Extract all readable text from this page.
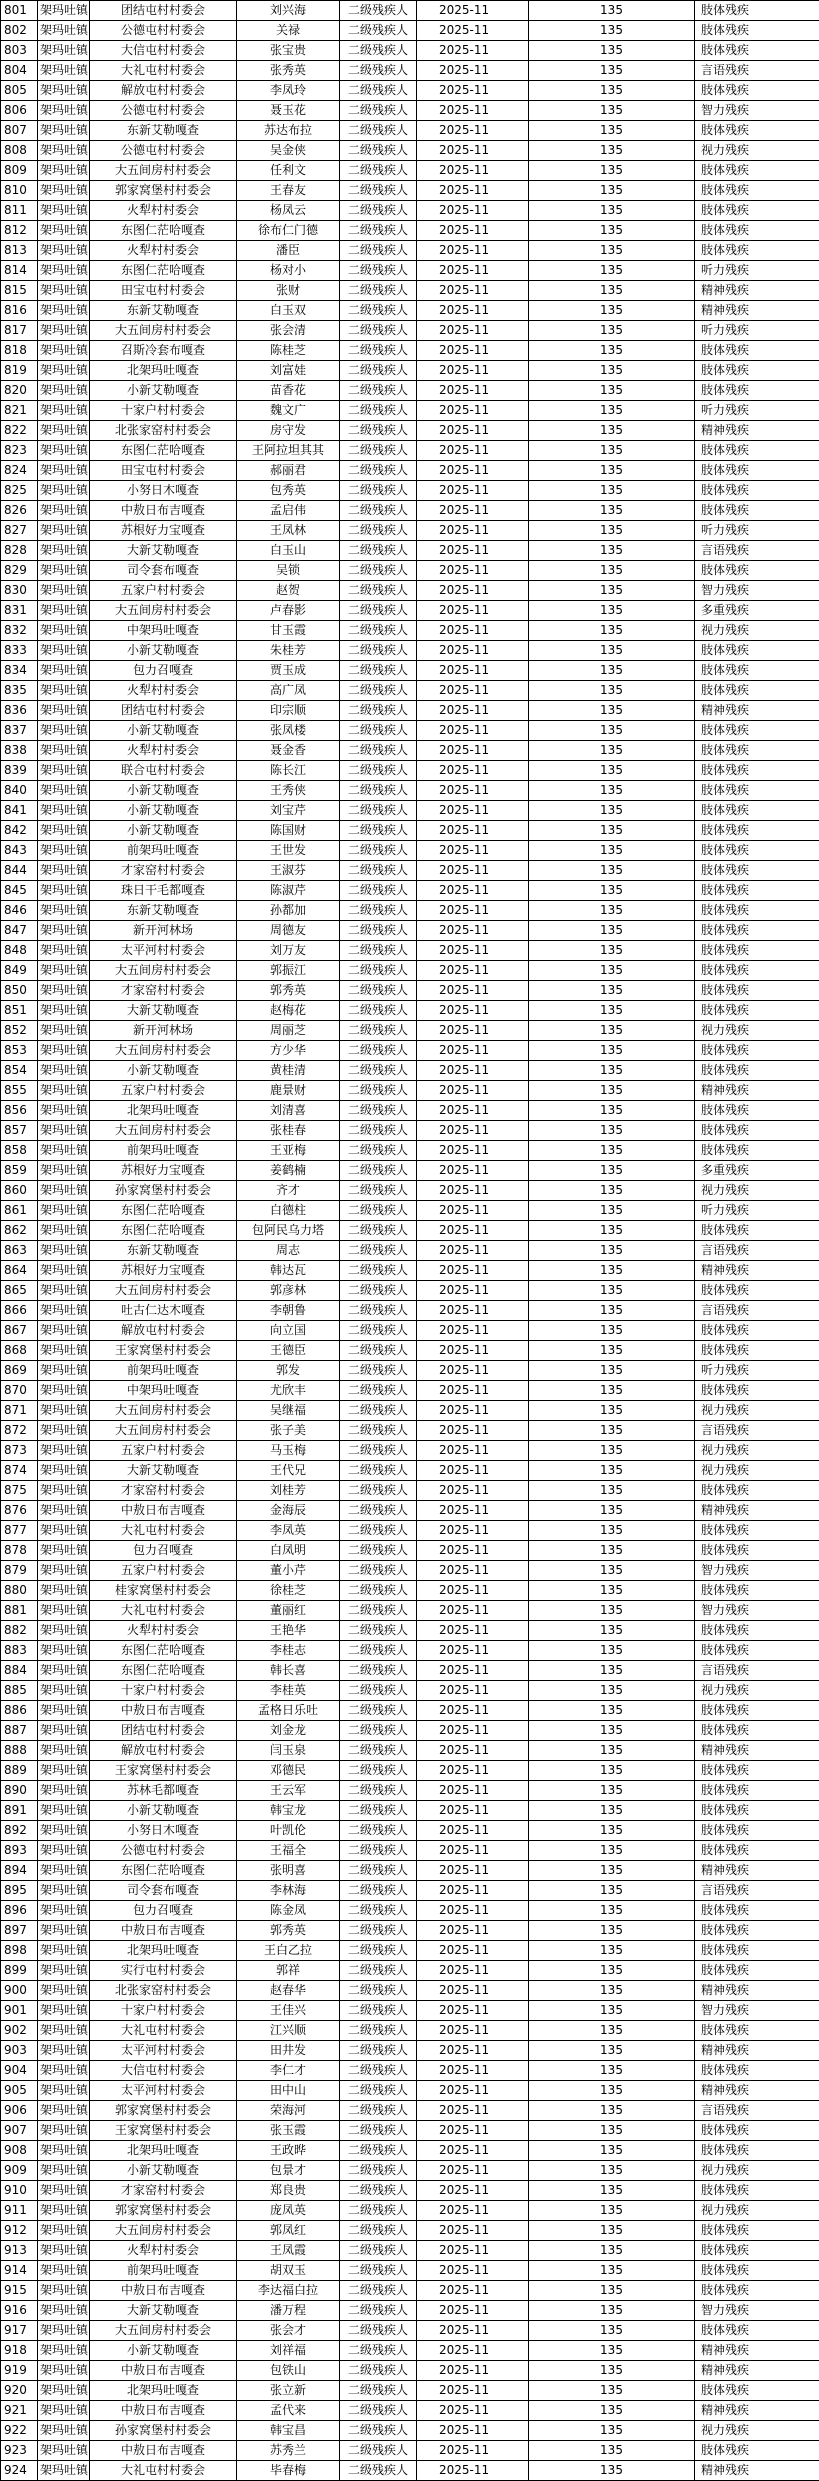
801	架玛吐镇	团结屯村村委会	刘兴海	二级残疾人	2025-11	135	肢体残疾
802	架玛吐镇	公德屯村村委会	关禄	二级残疾人	2025-11	135	肢体残疾
803	架玛吐镇	大信屯村村委会	张宝贵	二级残疾人	2025-11	135	肢体残疾
804	架玛吐镇	大礼屯村村委会	张秀英	二级残疾人	2025-11	135	言语残疾
805	架玛吐镇	解放屯村村委会	李凤玲	二级残疾人	2025-11	135	肢体残疾
806	架玛吐镇	公德屯村村委会	聂玉花	二级残疾人	2025-11	135	智力残疾
807	架玛吐镇	东新艾勒嘎查	苏达布拉	二级残疾人	2025-11	135	肢体残疾
808	架玛吐镇	公德屯村村委会	吴金侠	二级残疾人	2025-11	135	视力残疾
809	架玛吐镇	大五间房村村委会	任利文	二级残疾人	2025-11	135	肢体残疾
810	架玛吐镇	郭家窝堡村村委会	王春友	二级残疾人	2025-11	135	肢体残疾
811	架玛吐镇	火犁村村委会	杨凤云	二级残疾人	2025-11	135	肢体残疾
812	架玛吐镇	东图仁茫哈嘎查	徐布仁门德	二级残疾人	2025-11	135	肢体残疾
813	架玛吐镇	火犁村村委会	潘臣	二级残疾人	2025-11	135	肢体残疾
814	架玛吐镇	东图仁茫哈嘎查	杨对小	二级残疾人	2025-11	135	听力残疾
815	架玛吐镇	田宝屯村村委会	张财	二级残疾人	2025-11	135	精神残疾
816	架玛吐镇	东新艾勒嘎查	白玉双	二级残疾人	2025-11	135	精神残疾
817	架玛吐镇	大五间房村村委会	张会清	二级残疾人	2025-11	135	听力残疾
818	架玛吐镇	召斯冷套布嘎查	陈桂芝	二级残疾人	2025-11	135	肢体残疾
819	架玛吐镇	北架玛吐嘎查	刘富娃	二级残疾人	2025-11	135	肢体残疾
820	架玛吐镇	小新艾勒嘎查	苗香花	二级残疾人	2025-11	135	肢体残疾
821	架玛吐镇	十家户村村委会	魏文广	二级残疾人	2025-11	135	听力残疾
822	架玛吐镇	北张家窑村村委会	房守发	二级残疾人	2025-11	135	精神残疾
823	架玛吐镇	东图仁茫哈嘎查	王阿拉坦其其	二级残疾人	2025-11	135	肢体残疾
824	架玛吐镇	田宝屯村村委会	郝丽君	二级残疾人	2025-11	135	肢体残疾
825	架玛吐镇	小努日木嘎查	包秀英	二级残疾人	2025-11	135	肢体残疾
826	架玛吐镇	中敖日布吉嘎查	孟启伟	二级残疾人	2025-11	135	肢体残疾
827	架玛吐镇	苏根好力宝嘎查	王凤林	二级残疾人	2025-11	135	听力残疾
828	架玛吐镇	大新艾勒嘎查	白玉山	二级残疾人	2025-11	135	言语残疾
829	架玛吐镇	司令套布嘎查	吴锁	二级残疾人	2025-11	135	肢体残疾
830	架玛吐镇	五家户村村委会	赵贺	二级残疾人	2025-11	135	智力残疾
831	架玛吐镇	大五间房村村委会	卢春影	二级残疾人	2025-11	135	多重残疾
832	架玛吐镇	中架玛吐嘎查	甘玉霞	二级残疾人	2025-11	135	视力残疾
833	架玛吐镇	小新艾勒嘎查	朱桂芳	二级残疾人	2025-11	135	肢体残疾
834	架玛吐镇	包力召嘎查	贾玉成	二级残疾人	2025-11	135	肢体残疾
835	架玛吐镇	火犁村村委会	高广凤	二级残疾人	2025-11	135	肢体残疾
836	架玛吐镇	团结屯村村委会	印宗顺	二级残疾人	2025-11	135	精神残疾
837	架玛吐镇	小新艾勒嘎查	张凤楼	二级残疾人	2025-11	135	肢体残疾
838	架玛吐镇	火犁村村委会	聂金香	二级残疾人	2025-11	135	肢体残疾
839	架玛吐镇	联合屯村村委会	陈长江	二级残疾人	2025-11	135	肢体残疾
840	架玛吐镇	小新艾勒嘎查	王秀侠	二级残疾人	2025-11	135	肢体残疾
841	架玛吐镇	小新艾勒嘎查	刘宝芹	二级残疾人	2025-11	135	肢体残疾
842	架玛吐镇	小新艾勒嘎查	陈国财	二级残疾人	2025-11	135	肢体残疾
843	架玛吐镇	前架玛吐嘎查	王世发	二级残疾人	2025-11	135	肢体残疾
844	架玛吐镇	才家窑村村委会	王淑芬	二级残疾人	2025-11	135	肢体残疾
845	架玛吐镇	珠日干毛都嘎查	陈淑芹	二级残疾人	2025-11	135	肢体残疾
846	架玛吐镇	东新艾勒嘎查	孙都加	二级残疾人	2025-11	135	肢体残疾
847	架玛吐镇	新开河林场	周德友	二级残疾人	2025-11	135	肢体残疾
848	架玛吐镇	太平河村村委会	刘万友	二级残疾人	2025-11	135	肢体残疾
849	架玛吐镇	大五间房村村委会	郭振江	二级残疾人	2025-11	135	肢体残疾
850	架玛吐镇	才家窑村村委会	郭秀英	二级残疾人	2025-11	135	肢体残疾
851	架玛吐镇	大新艾勒嘎查	赵梅花	二级残疾人	2025-11	135	肢体残疾
852	架玛吐镇	新开河林场	周丽芝	二级残疾人	2025-11	135	视力残疾
853	架玛吐镇	大五间房村村委会	方少华	二级残疾人	2025-11	135	肢体残疾
854	架玛吐镇	小新艾勒嘎查	黄桂清	二级残疾人	2025-11	135	肢体残疾
855	架玛吐镇	五家户村村委会	鹿景财	二级残疾人	2025-11	135	精神残疾
856	架玛吐镇	北架玛吐嘎查	刘清喜	二级残疾人	2025-11	135	肢体残疾
857	架玛吐镇	大五间房村村委会	张桂春	二级残疾人	2025-11	135	肢体残疾
858	架玛吐镇	前架玛吐嘎查	王亚梅	二级残疾人	2025-11	135	肢体残疾
859	架玛吐镇	苏根好力宝嘎查	姜鹤楠	二级残疾人	2025-11	135	多重残疾
860	架玛吐镇	孙家窝堡村村委会	齐才	二级残疾人	2025-11	135	视力残疾
861	架玛吐镇	东图仁茫哈嘎查	白德柱	二级残疾人	2025-11	135	听力残疾
862	架玛吐镇	东图仁茫哈嘎查	包阿民乌力塔	二级残疾人	2025-11	135	肢体残疾
863	架玛吐镇	东新艾勒嘎查	周志	二级残疾人	2025-11	135	言语残疾
864	架玛吐镇	苏根好力宝嘎查	韩达瓦	二级残疾人	2025-11	135	精神残疾
865	架玛吐镇	大五间房村村委会	郭彦林	二级残疾人	2025-11	135	肢体残疾
866	架玛吐镇	吐古仁达木嘎查	李朝鲁	二级残疾人	2025-11	135	言语残疾
867	架玛吐镇	解放屯村村委会	向立国	二级残疾人	2025-11	135	肢体残疾
868	架玛吐镇	王家窝堡村村委会	王德臣	二级残疾人	2025-11	135	肢体残疾
869	架玛吐镇	前架玛吐嘎查	郭发	二级残疾人	2025-11	135	听力残疾
870	架玛吐镇	中架玛吐嘎查	尤欣丰	二级残疾人	2025-11	135	肢体残疾
871	架玛吐镇	大五间房村村委会	吴继福	二级残疾人	2025-11	135	视力残疾
872	架玛吐镇	大五间房村村委会	张子美	二级残疾人	2025-11	135	言语残疾
873	架玛吐镇	五家户村村委会	马玉梅	二级残疾人	2025-11	135	视力残疾
874	架玛吐镇	大新艾勒嘎查	王代兄	二级残疾人	2025-11	135	视力残疾
875	架玛吐镇	才家窑村村委会	刘桂芳	二级残疾人	2025-11	135	肢体残疾
876	架玛吐镇	中敖日布吉嘎查	金海辰	二级残疾人	2025-11	135	精神残疾
877	架玛吐镇	大礼屯村村委会	李凤英	二级残疾人	2025-11	135	肢体残疾
878	架玛吐镇	包力召嘎查	白凤明	二级残疾人	2025-11	135	肢体残疾
879	架玛吐镇	五家户村村委会	董小芹	二级残疾人	2025-11	135	智力残疾
880	架玛吐镇	桂家窝堡村村委会	徐桂芝	二级残疾人	2025-11	135	肢体残疾
881	架玛吐镇	大礼屯村村委会	董丽红	二级残疾人	2025-11	135	智力残疾
882	架玛吐镇	火犁村村委会	王艳华	二级残疾人	2025-11	135	肢体残疾
883	架玛吐镇	东图仁茫哈嘎查	李桂志	二级残疾人	2025-11	135	肢体残疾
884	架玛吐镇	东图仁茫哈嘎查	韩长喜	二级残疾人	2025-11	135	言语残疾
885	架玛吐镇	十家户村村委会	李桂英	二级残疾人	2025-11	135	视力残疾
886	架玛吐镇	中敖日布吉嘎查	孟格日乐吐	二级残疾人	2025-11	135	肢体残疾
887	架玛吐镇	团结屯村村委会	刘金龙	二级残疾人	2025-11	135	肢体残疾
888	架玛吐镇	解放屯村村委会	闫玉泉	二级残疾人	2025-11	135	精神残疾
889	架玛吐镇	王家窝堡村村委会	邓德民	二级残疾人	2025-11	135	肢体残疾
890	架玛吐镇	苏林毛都嘎查	王云军	二级残疾人	2025-11	135	肢体残疾
891	架玛吐镇	小新艾勒嘎查	韩宝龙	二级残疾人	2025-11	135	肢体残疾
892	架玛吐镇	小努日木嘎查	叶凯伦	二级残疾人	2025-11	135	肢体残疾
893	架玛吐镇	公德屯村村委会	王福全	二级残疾人	2025-11	135	肢体残疾
894	架玛吐镇	东图仁茫哈嘎查	张明喜	二级残疾人	2025-11	135	精神残疾
895	架玛吐镇	司令套布嘎查	李林海	二级残疾人	2025-11	135	言语残疾
896	架玛吐镇	包力召嘎查	陈金凤	二级残疾人	2025-11	135	肢体残疾
897	架玛吐镇	中敖日布吉嘎查	郭秀英	二级残疾人	2025-11	135	肢体残疾
898	架玛吐镇	北架玛吐嘎查	王白乙拉	二级残疾人	2025-11	135	肢体残疾
899	架玛吐镇	实行屯村村委会	郭祥	二级残疾人	2025-11	135	肢体残疾
900	架玛吐镇	北张家窑村村委会	赵春华	二级残疾人	2025-11	135	精神残疾
901	架玛吐镇	十家户村村委会	王佳兴	二级残疾人	2025-11	135	智力残疾
902	架玛吐镇	大礼屯村村委会	江兴顺	二级残疾人	2025-11	135	肢体残疾
903	架玛吐镇	太平河村村委会	田井发	二级残疾人	2025-11	135	精神残疾
904	架玛吐镇	大信屯村村委会	李仁才	二级残疾人	2025-11	135	肢体残疾
905	架玛吐镇	太平河村村委会	田中山	二级残疾人	2025-11	135	精神残疾
906	架玛吐镇	郭家窝堡村村委会	荣海河	二级残疾人	2025-11	135	言语残疾
907	架玛吐镇	王家窝堡村村委会	张玉霞	二级残疾人	2025-11	135	肢体残疾
908	架玛吐镇	北架玛吐嘎查	王政晔	二级残疾人	2025-11	135	肢体残疾
909	架玛吐镇	小新艾勒嘎查	包景才	二级残疾人	2025-11	135	视力残疾
910	架玛吐镇	才家窑村村委会	郑良贵	二级残疾人	2025-11	135	肢体残疾
911	架玛吐镇	郭家窝堡村村委会	庞凤英	二级残疾人	2025-11	135	视力残疾
912	架玛吐镇	大五间房村村委会	郭凤红	二级残疾人	2025-11	135	肢体残疾
913	架玛吐镇	火犁村村委会	王凤霞	二级残疾人	2025-11	135	肢体残疾
914	架玛吐镇	前架玛吐嘎查	胡双玉	二级残疾人	2025-11	135	肢体残疾
915	架玛吐镇	中敖日布吉嘎查	李达福白拉	二级残疾人	2025-11	135	肢体残疾
916	架玛吐镇	大新艾勒嘎查	潘万程	二级残疾人	2025-11	135	智力残疾
917	架玛吐镇	大五间房村村委会	张会才	二级残疾人	2025-11	135	肢体残疾
918	架玛吐镇	小新艾勒嘎查	刘祥福	二级残疾人	2025-11	135	精神残疾
919	架玛吐镇	中敖日布吉嘎查	包铁山	二级残疾人	2025-11	135	精神残疾
920	架玛吐镇	北架玛吐嘎查	张立新	二级残疾人	2025-11	135	肢体残疾
921	架玛吐镇	中敖日布吉嘎查	孟代来	二级残疾人	2025-11	135	精神残疾
922	架玛吐镇	孙家窝堡村村委会	韩宝昌	二级残疾人	2025-11	135	视力残疾
923	架玛吐镇	中敖日布吉嘎查	苏秀兰	二级残疾人	2025-11	135	肢体残疾
924	架玛吐镇	大礼屯村村委会	毕春梅	二级残疾人	2025-11	135	精神残疾
